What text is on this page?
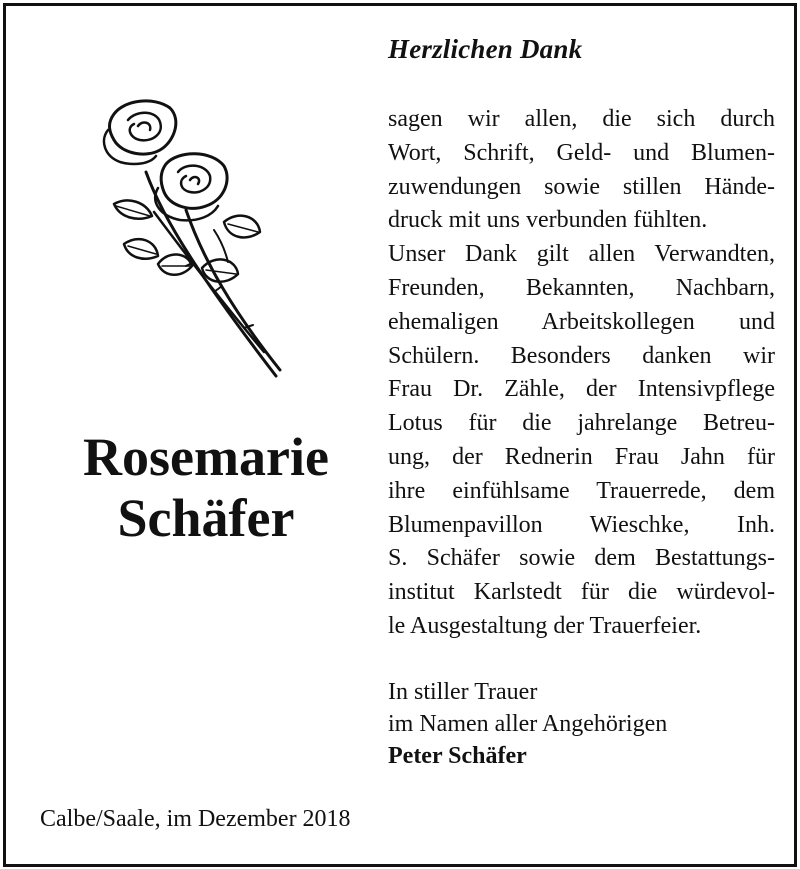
Herzlichen Dank
Rosemarie
Schäfer
sagen wir allen, die sich durch
Wort, Schrift, Geld- und Blumen-
zuwendungen sowie stillen Hände-
druck mit uns verbunden fühlten.
Unser Dank gilt allen Verwandten,
Freunden, Bekannten, Nachbarn,
ehemaligen Arbeitskollegen und
Schülern. Besonders danken wir
Frau Dr. Zähle, der Intensivpflege
Lotus für die jahrelange Betreu-
ung, der Rednerin Frau Jahn für
ihre einfühlsame Trauerrede, dem
Blumenpavillon Wieschke, Inh.
S. Schäfer sowie dem Bestattungs-
institut Karlstedt für die würdevol-
le Ausgestaltung der Trauerfeier.
In stiller Trauer
im Namen aller Angehörigen
Peter Schäfer
Calbe/Saale, im Dezember 2018
